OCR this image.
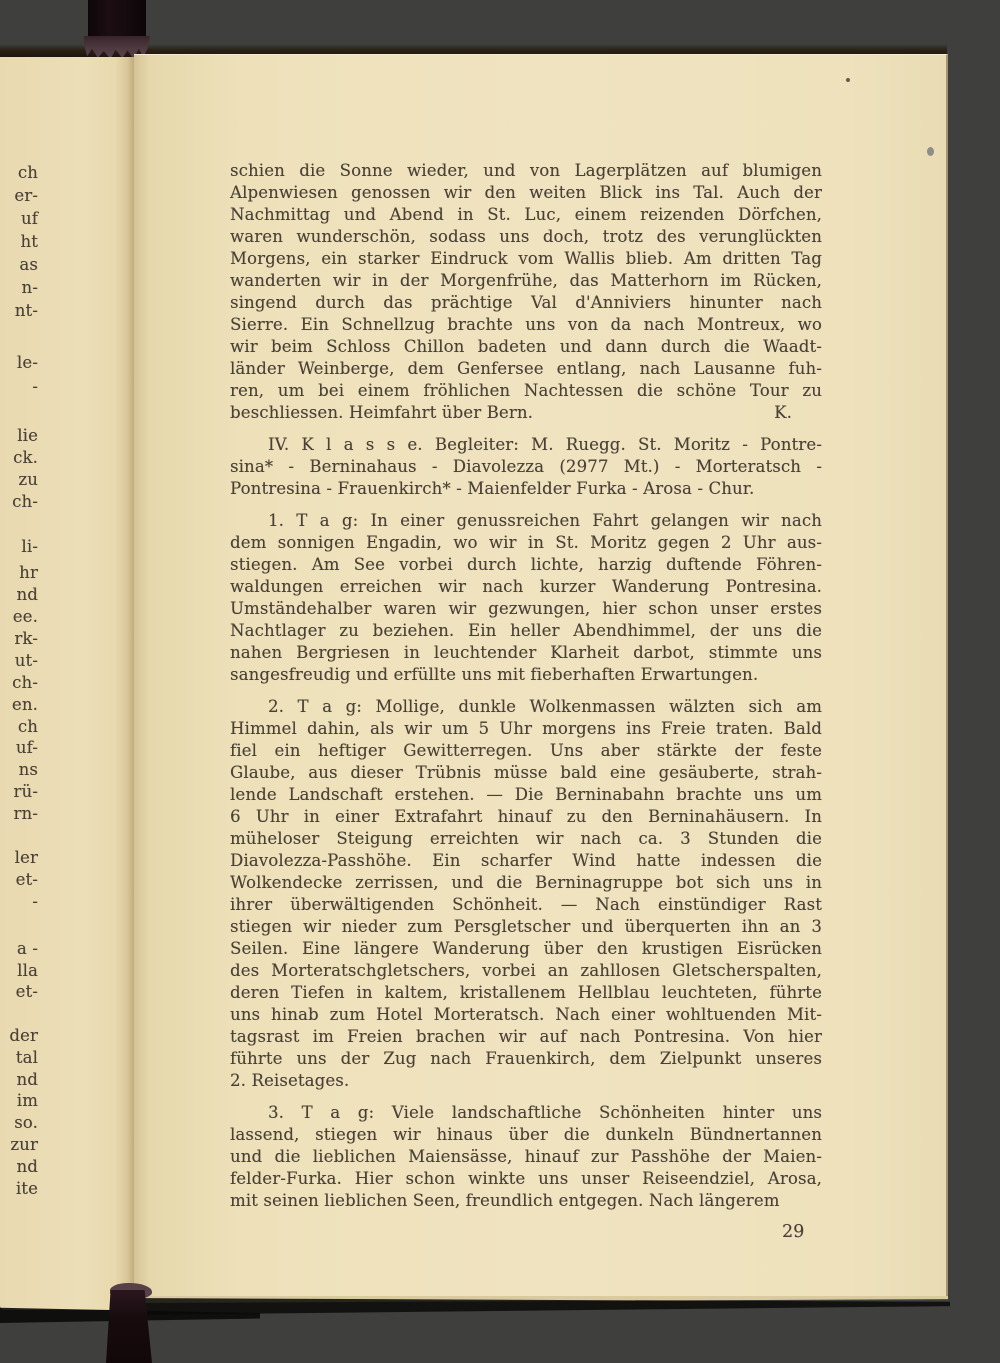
ch
er-
uf
ht
as
n-
nt-
le-
-
lie
ck.
zu
ch-
li-
hr
nd
ee.
rk-
ut-
ch-
en.
ch
uf-
ns
rü-
rn-
ler
et-
-
a -
lla
et-
der
tal
nd
im
so.
zur
nd
ite
schien die Sonne wieder, und von Lagerplätzen auf blumigen
Alpenwiesen genossen wir den weiten Blick ins Tal. Auch der
Nachmittag und Abend in St. Luc, einem reizenden Dörfchen,
waren wunderschön, sodass uns doch, trotz des verunglückten
Morgens, ein starker Eindruck vom Wallis blieb. Am dritten Tag
wanderten wir in der Morgenfrühe, das Matterhorn im Rücken,
singend durch das prächtige Val d'Anniviers hinunter nach
Sierre. Ein Schnellzug brachte uns von da nach Montreux, wo
wir beim Schloss Chillon badeten und dann durch die Waadt-
länder Weinberge, dem Genfersee entlang, nach Lausanne fuh-
ren, um bei einem fröhlichen Nachtessen die schöne Tour zu
K.
beschliessen. Heimfahrt über Bern.
IV. K l a s s e. Begleiter: M. Ruegg. St. Moritz - Pontre-
sina* - Berninahaus - Diavolezza (2977 Mt.) - Morteratsch -
Pontresina - Frauenkirch* - Maienfelder Furka - Arosa - Chur.
1. T a g: In einer genussreichen Fahrt gelangen wir nach
dem sonnigen Engadin, wo wir in St. Moritz gegen 2 Uhr aus-
stiegen. Am See vorbei durch lichte, harzig duftende Föhren-
waldungen erreichen wir nach kurzer Wanderung Pontresina.
Umständehalber waren wir gezwungen, hier schon unser erstes
Nachtlager zu beziehen. Ein heller Abendhimmel, der uns die
nahen Bergriesen in leuchtender Klarheit darbot, stimmte uns
sangesfreudig und erfüllte uns mit fieberhaften Erwartungen.
2. T a g: Mollige, dunkle Wolkenmassen wälzten sich am
Himmel dahin, als wir um 5 Uhr morgens ins Freie traten. Bald
fiel ein heftiger Gewitterregen. Uns aber stärkte der feste
Glaube, aus dieser Trübnis müsse bald eine gesäuberte, strah-
lende Landschaft erstehen. — Die Berninabahn brachte uns um
6 Uhr in einer Extrafahrt hinauf zu den Berninahäusern. In
müheloser Steigung erreichten wir nach ca. 3 Stunden die
Diavolezza-Passhöhe. Ein scharfer Wind hatte indessen die
Wolkendecke zerrissen, und die Berninagruppe bot sich uns in
ihrer überwältigenden Schönheit. — Nach einstündiger Rast
stiegen wir nieder zum Persgletscher und überquerten ihn an 3
Seilen. Eine längere Wanderung über den krustigen Eisrücken
des Morteratschgletschers, vorbei an zahllosen Gletscherspalten,
deren Tiefen in kaltem, kristallenem Hellblau leuchteten, führte
uns hinab zum Hotel Morteratsch. Nach einer wohltuenden Mit-
tagsrast im Freien brachen wir auf nach Pontresina. Von hier
führte uns der Zug nach Frauenkirch, dem Zielpunkt unseres
2. Reisetages.
3. T a g: Viele landschaftliche Schönheiten hinter uns
lassend, stiegen wir hinaus über die dunkeln Bündnertannen
und die lieblichen Maiensässe, hinauf zur Passhöhe der Maien-
felder-Furka. Hier schon winkte uns unser Reiseendziel, Arosa,
mit seinen lieblichen Seen, freundlich entgegen. Nach längerem
29
